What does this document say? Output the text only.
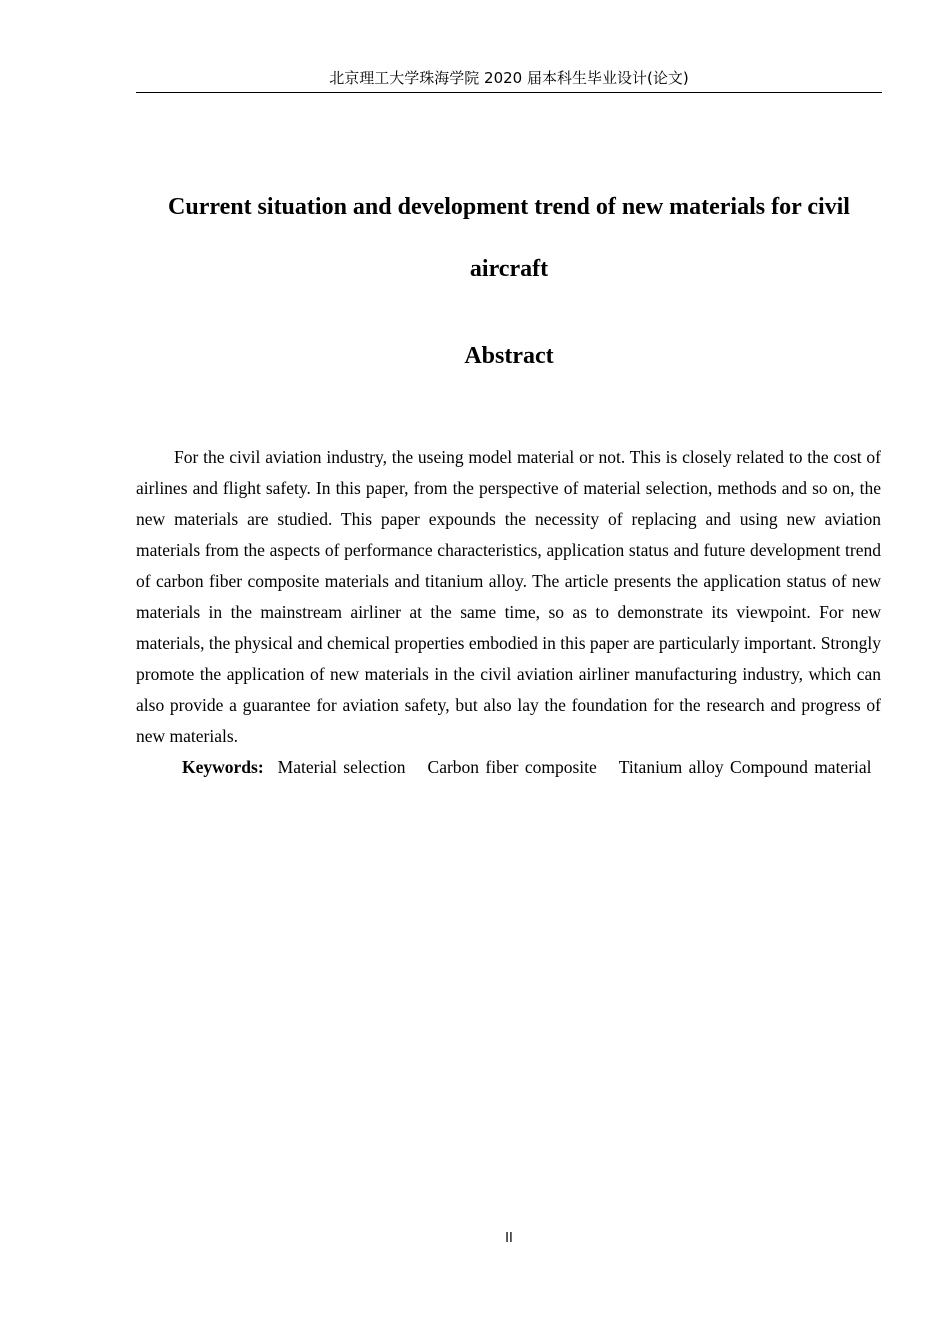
北京理工大学珠海学院 2020 届本科生毕业设计(论文)
Current situation and development trend of new materials for civil aircraft
Abstract

For the civil aviation industry, the useing model material or not. This is closely related to the cost of airlines and flight safety. In this paper, from the perspective of material selection, methods and so on, the new materials are studied. This paper expounds the necessity of replacing and using new aviation materials from the aspects of performance characteristics, application status and future development trend of carbon fiber composite materials and titanium alloy. The article presents the application status of new materials in the mainstream airliner at the same time, so as to demonstrate its viewpoint. For new materials, the physical and chemical properties embodied in this paper are particularly important. Strongly promote the application of new materials in the civil aviation airliner manufacturing industry, which can also provide a guarantee for aviation safety, but also lay the foundation for the research and progress of new materials.

Keywords: Material selection Carbon fiber composite Titanium alloy Compound material

II
